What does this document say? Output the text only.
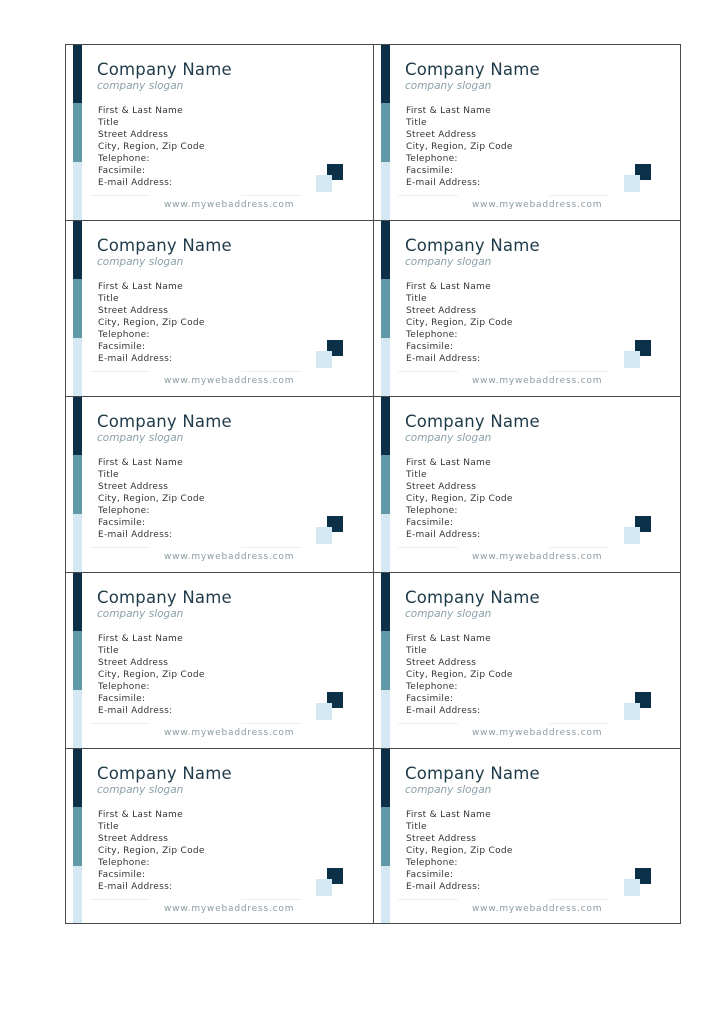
Company Name
company slogan
First & Last Name
Title
Street Address
City, Region, Zip Code
Telephone:
Facsimile:
E-mail Address:
www.mywebaddress.com
Company Name
company slogan
First & Last Name
Title
Street Address
City, Region, Zip Code
Telephone:
Facsimile:
E-mail Address:
www.mywebaddress.com
Company Name
company slogan
First & Last Name
Title
Street Address
City, Region, Zip Code
Telephone:
Facsimile:
E-mail Address:
www.mywebaddress.com
Company Name
company slogan
First & Last Name
Title
Street Address
City, Region, Zip Code
Telephone:
Facsimile:
E-mail Address:
www.mywebaddress.com
Company Name
company slogan
First & Last Name
Title
Street Address
City, Region, Zip Code
Telephone:
Facsimile:
E-mail Address:
www.mywebaddress.com
Company Name
company slogan
First & Last Name
Title
Street Address
City, Region, Zip Code
Telephone:
Facsimile:
E-mail Address:
www.mywebaddress.com
Company Name
company slogan
First & Last Name
Title
Street Address
City, Region, Zip Code
Telephone:
Facsimile:
E-mail Address:
www.mywebaddress.com
Company Name
company slogan
First & Last Name
Title
Street Address
City, Region, Zip Code
Telephone:
Facsimile:
E-mail Address:
www.mywebaddress.com
Company Name
company slogan
First & Last Name
Title
Street Address
City, Region, Zip Code
Telephone:
Facsimile:
E-mail Address:
www.mywebaddress.com
Company Name
company slogan
First & Last Name
Title
Street Address
City, Region, Zip Code
Telephone:
Facsimile:
E-mail Address:
www.mywebaddress.com
